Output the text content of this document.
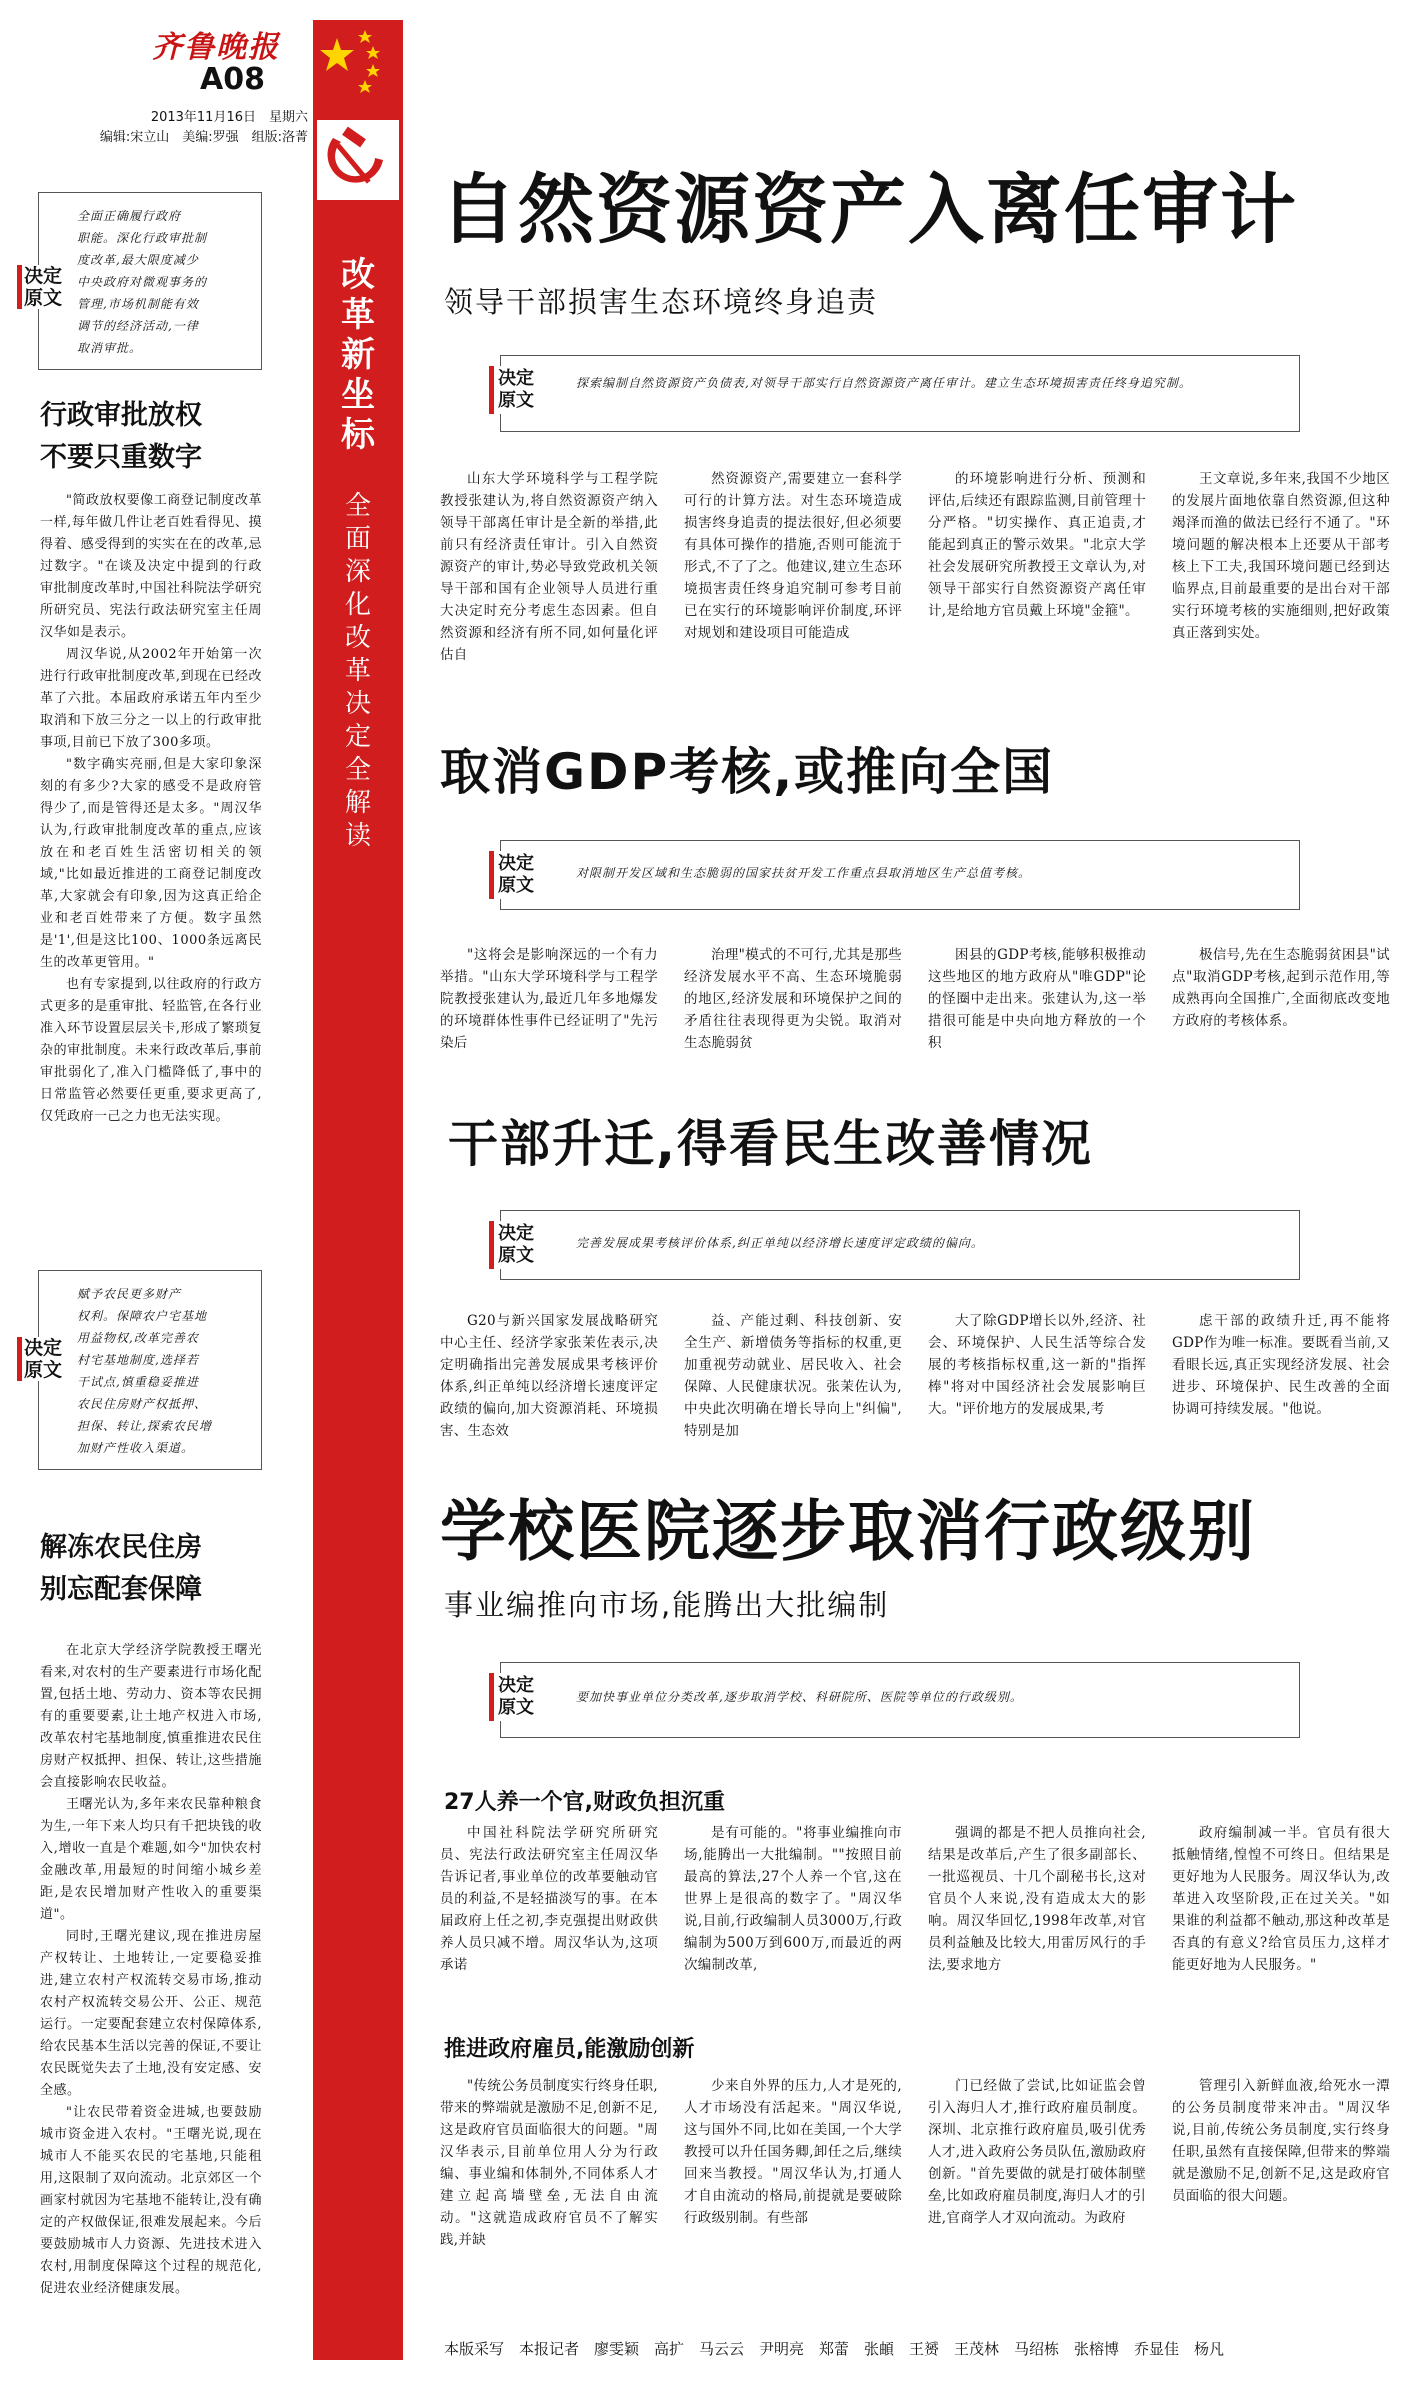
齐鲁晚报
A08
2013年11月16日　星期六
编辑:宋立山　美编:罗强　组版:洛菁
改
革
新
坐
标
全
面
深
化
改
革
决
定
全
解
读
决定
原文
全面正确履行政府
职能。深化行政审批制
度改革,最大限度减少
中央政府对微观事务的
管理,市场机制能有效
调节的经济活动,一律
取消审批。
行政审批放权
不要只重数字

"简政放权要像工商登记制度改革一样,每年做几件让老百姓看得见、摸得着、感受得到的实实在在的改革,忌过数字。"在谈及决定中提到的行政审批制度改革时,中国社科院法学研究所研究员、宪法行政法研究室主任周汉华如是表示。

周汉华说,从2002年开始第一次进行行政审批制度改革,到现在已经改革了六批。本届政府承诺五年内至少取消和下放三分之一以上的行政审批事项,目前已下放了300多项。

"数字确实亮丽,但是大家印象深刻的有多少?大家的感受不是政府管得少了,而是管得还是太多。"周汉华认为,行政审批制度改革的重点,应该放在和老百姓生活密切相关的领域,"比如最近推进的工商登记制度改革,大家就会有印象,因为这真正给企业和老百姓带来了方便。数字虽然是'1',但是这比100、1000条远离民生的改革更管用。"

也有专家提到,以往政府的行政方式更多的是重审批、轻监管,在各行业准入环节设置层层关卡,形成了繁琐复杂的审批制度。未来行政改革后,事前审批弱化了,准入门槛降低了,事中的日常监管必然要任更重,要求更高了,仅凭政府一己之力也无法实现。

决定
原文
赋予农民更多财产
权利。保障农户宅基地
用益物权,改革完善农
村宅基地制度,选择若
干试点,慎重稳妥推进
农民住房财产权抵押、
担保、转让,探索农民增
加财产性收入渠道。
解冻农民住房
别忘配套保障

在北京大学经济学院教授王曙光看来,对农村的生产要素进行市场化配置,包括土地、劳动力、资本等农民拥有的重要要素,让土地产权进入市场,改革农村宅基地制度,慎重推进农民住房财产权抵押、担保、转让,这些措施会直接影响农民收益。

王曙光认为,多年来农民靠种粮食为生,一年下来人均只有千把块钱的收入,增收一直是个难题,如今"加快农村金融改革,用最短的时间缩小城乡差距,是农民增加财产性收入的重要渠道"。

同时,王曙光建议,现在推进房屋产权转让、土地转让,一定要稳妥推进,建立农村产权流转交易市场,推动农村产权流转交易公开、公正、规范运行。一定要配套建立农村保障体系,给农民基本生活以完善的保证,不要让农民既觉失去了土地,没有安定感、安全感。

"让农民带着资金进城,也要鼓励城市资金进入农村。"王曙光说,现在城市人不能买农民的宅基地,只能租用,这限制了双向流动。北京郊区一个画家村就因为宅基地不能转让,没有确定的产权做保证,很难发展起来。今后要鼓励城市人力资源、先进技术进入农村,用制度保障这个过程的规范化,促进农业经济健康发展。

自然资源资产入离任审计
领导干部损害生态环境终身追责
决定
原文
探索编制自然资源资产负债表,对领导干部实行自然资源资产离任审计。建立生态环境损害责任终身追究制。

山东大学环境科学与工程学院教授张建认为,将自然资源资产纳入领导干部离任审计是全新的举措,此前只有经济责任审计。引入自然资源资产的审计,势必导致党政机关领导干部和国有企业领导人员进行重大决定时充分考虑生态因素。但自然资源和经济有所不同,如何量化评估自

然资源资产,需要建立一套科学可行的计算方法。对生态环境造成损害终身追责的提法很好,但必须要有具体可操作的措施,否则可能流于形式,不了了之。他建议,建立生态环境损害责任终身追究制可参考目前已在实行的环境影响评价制度,环评对规划和建设项目可能造成

的环境影响进行分析、预测和评估,后续还有跟踪监测,目前管理十分严格。"切实操作、真正追责,才能起到真正的警示效果。"北京大学社会发展研究所教授王文章认为,对领导干部实行自然资源资产离任审计,是给地方官员戴上环境"金箍"。

王文章说,多年来,我国不少地区的发展片面地依靠自然资源,但这种竭泽而渔的做法已经行不通了。"环境问题的解决根本上还要从干部考核上下工夫,我国环境问题已经到达临界点,目前最重要的是出台对干部实行环境考核的实施细则,把好政策真正落到实处。

取消GDP考核,或推向全国
决定
原文
对限制开发区域和生态脆弱的国家扶贫开发工作重点县取消地区生产总值考核。

"这将会是影响深远的一个有力举措。"山东大学环境科学与工程学院教授张建认为,最近几年多地爆发的环境群体性事件已经证明了"先污染后

治理"模式的不可行,尤其是那些经济发展水平不高、生态环境脆弱的地区,经济发展和环境保护之间的矛盾往往表现得更为尖锐。取消对生态脆弱贫

困县的GDP考核,能够积极推动这些地区的地方政府从"唯GDP"论的怪圈中走出来。张建认为,这一举措很可能是中央向地方释放的一个积

极信号,先在生态脆弱贫困县"试点"取消GDP考核,起到示范作用,等成熟再向全国推广,全面彻底改变地方政府的考核体系。

干部升迁,得看民生改善情况
决定
原文
完善发展成果考核评价体系,纠正单纯以经济增长速度评定政绩的偏向。

G20与新兴国家发展战略研究中心主任、经济学家张茉佐表示,决定明确指出完善发展成果考核评价体系,纠正单纯以经济增长速度评定政绩的偏向,加大资源消耗、环境损害、生态效

益、产能过剩、科技创新、安全生产、新增债务等指标的权重,更加重视劳动就业、居民收入、社会保障、人民健康状况。张茉佐认为,中央此次明确在增长导向上"纠偏",特别是加

大了除GDP增长以外,经济、社会、环境保护、人民生活等综合发展的考核指标权重,这一新的"指挥棒"将对中国经济社会发展影响巨大。"评价地方的发展成果,考

虑干部的政绩升迁,再不能将GDP作为唯一标准。要既看当前,又看眼长远,真正实现经济发展、社会进步、环境保护、民生改善的全面协调可持续发展。"他说。

学校医院逐步取消行政级别
事业编推向市场,能腾出大批编制
决定
原文	要加快事业单位分类改革,逐步取消学校、科研院所、医院等单位的行政级别。
27人养一个官,财政负担沉重

中国社科院法学研究所研究员、宪法行政法研究室主任周汉华告诉记者,事业单位的改革要触动官员的利益,不是轻描淡写的事。在本届政府上任之初,李克强提出财政供养人员只减不增。周汉华认为,这项承诺

是有可能的。"将事业编推向市场,能腾出一大批编制。""按照目前最高的算法,27个人养一个官,这在世界上是很高的数字了。"周汉华说,目前,行政编制人员3000万,行政编制为500万到600万,而最近的两次编制改革,

强调的都是不把人员推向社会,结果是改革后,产生了很多副部长、一批巡视员、十几个副秘书长,这对官员个人来说,没有造成太大的影响。周汉华回忆,1998年改革,对官员利益触及比较大,用雷厉风行的手法,要求地方

政府编制减一半。官员有很大抵触情绪,惶惶不可终日。但结果是更好地为人民服务。周汉华认为,改革进入攻坚阶段,正在过关关。"如果谁的利益都不触动,那这种改革是否真的有意义?给官员压力,这样才能更好地为人民服务。"

推进政府雇员,能激励创新

"传统公务员制度实行终身任职,带来的弊端就是激励不足,创新不足,这是政府官员面临很大的问题。"周汉华表示,目前单位用人分为行政编、事业编和体制外,不同体系人才建立起高墙壁垒,无法自由流动。"这就造成政府官员不了解实践,并缺

少来自外界的压力,人才是死的,人才市场没有活起来。"周汉华说,这与国外不同,比如在美国,一个大学教授可以升任国务卿,卸任之后,继续回来当教授。"周汉华认为,打通人才自由流动的格局,前提就是要破除行政级别制。有些部

门已经做了尝试,比如证监会曾引入海归人才,推行政府雇员制度。深圳、北京推行政府雇员,吸引优秀人才,进入政府公务员队伍,激励政府创新。"首先要做的就是打破体制壁垒,比如政府雇员制度,海归人才的引进,官商学人才双向流动。为政府

管理引入新鲜血液,给死水一潭的公务员制度带来冲击。"周汉华说,目前,传统公务员制度,实行终身任职,虽然有直接保障,但带来的弊端就是激励不足,创新不足,这是政府官员面临的很大问题。

本版采写　本报记者　廖雯颖　高扩　马云云　尹明亮　郑蕾　张頔　王赟　王茂林　马绍栋　张榕博　乔显佳　杨凡
